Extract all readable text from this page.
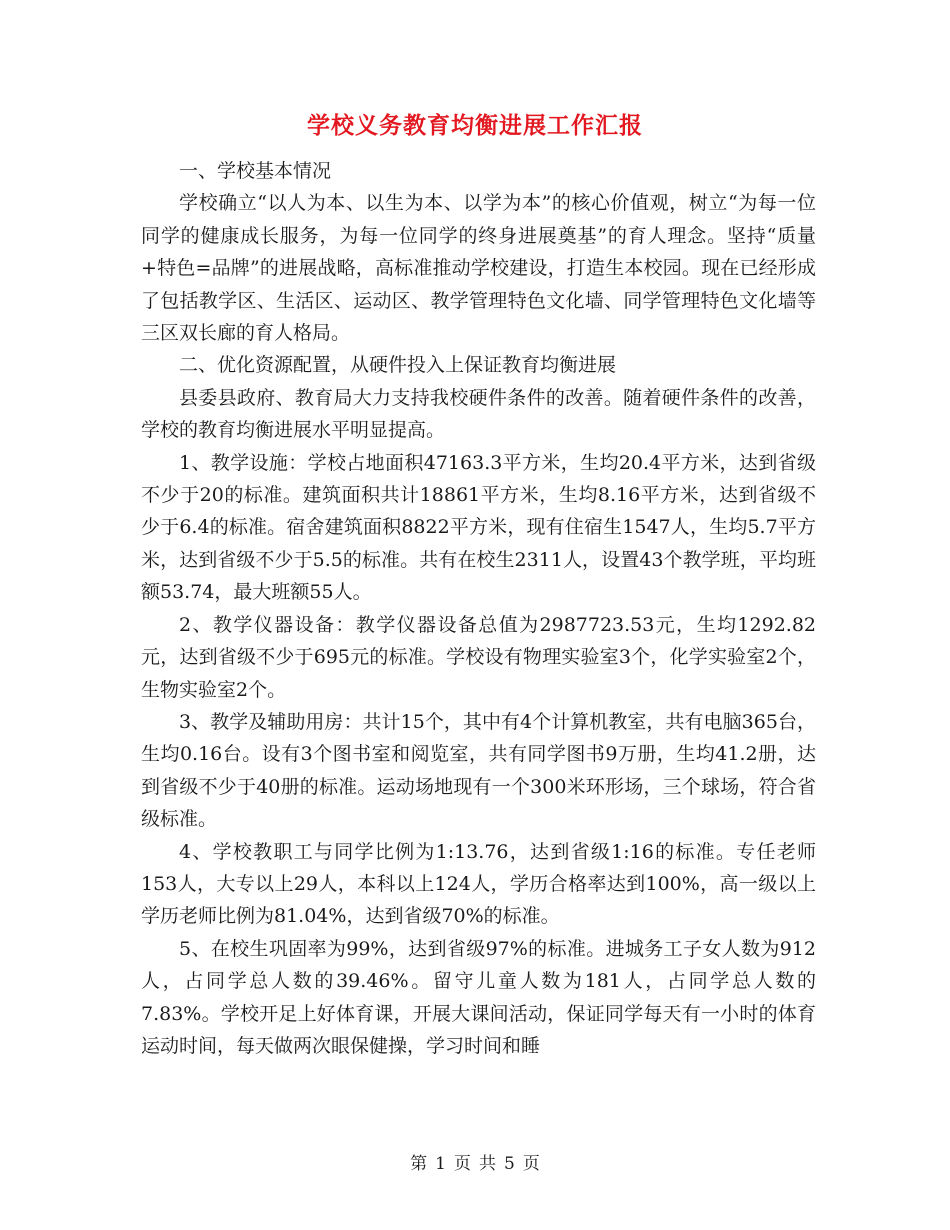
学校义务教育均衡进展工作汇报

一、学校基本情况

学校确立“以人为本、以生为本、以学为本”的核心价值观，树立“为每一位同学的健康成长服务，为每一位同学的终身进展奠基”的育人理念。坚持“质量+特色=品牌”的进展战略，高标准推动学校建设，打造生本校园。现在已经形成了包括教学区、生活区、运动区、教学管理特色文化墙、同学管理特色文化墙等三区双长廊的育人格局。

二、优化资源配置，从硬件投入上保证教育均衡进展

县委县政府、教育局大力支持我校硬件条件的改善。随着硬件条件的改善，学校的教育均衡进展水平明显提高。

1、教学设施：学校占地面积47163.3平方米，生均20.4平方米，达到省级不少于20的标准。建筑面积共计18861平方米，生均8.16平方米，达到省级不少于6.4的标准。宿舍建筑面积8822平方米，现有住宿生1547人，生均5.7平方米，达到省级不少于5.5的标准。共有在校生2311人，设置43个教学班，平均班额53.74，最大班额55人。

2、教学仪器设备：教学仪器设备总值为2987723.53元，生均1292.82元，达到省级不少于695元的标准。学校设有物理实验室3个，化学实验室2个，生物实验室2个。

3、教学及辅助用房：共计15个，其中有4个计算机教室，共有电脑365台，生均0.16台。设有3个图书室和阅览室，共有同学图书9万册，生均41.2册，达到省级不少于40册的标准。运动场地现有一个300米环形场，三个球场，符合省级标准。

4、学校教职工与同学比例为1:13.76，达到省级1:16的标准。专任老师153人，大专以上29人，本科以上124人，学历合格率达到100%，高一级以上学历老师比例为81.04%，达到省级70%的标准。

5、在校生巩固率为99%，达到省级97%的标准。进城务工子女人数为912人，占同学总人数的39.46%。留守儿童人数为181人，占同学总人数的7.83%。学校开足上好体育课，开展大课间活动，保证同学每天有一小时的体育运动时间，每天做两次眼保健操，学习时间和睡

第 1 页 共 5 页
